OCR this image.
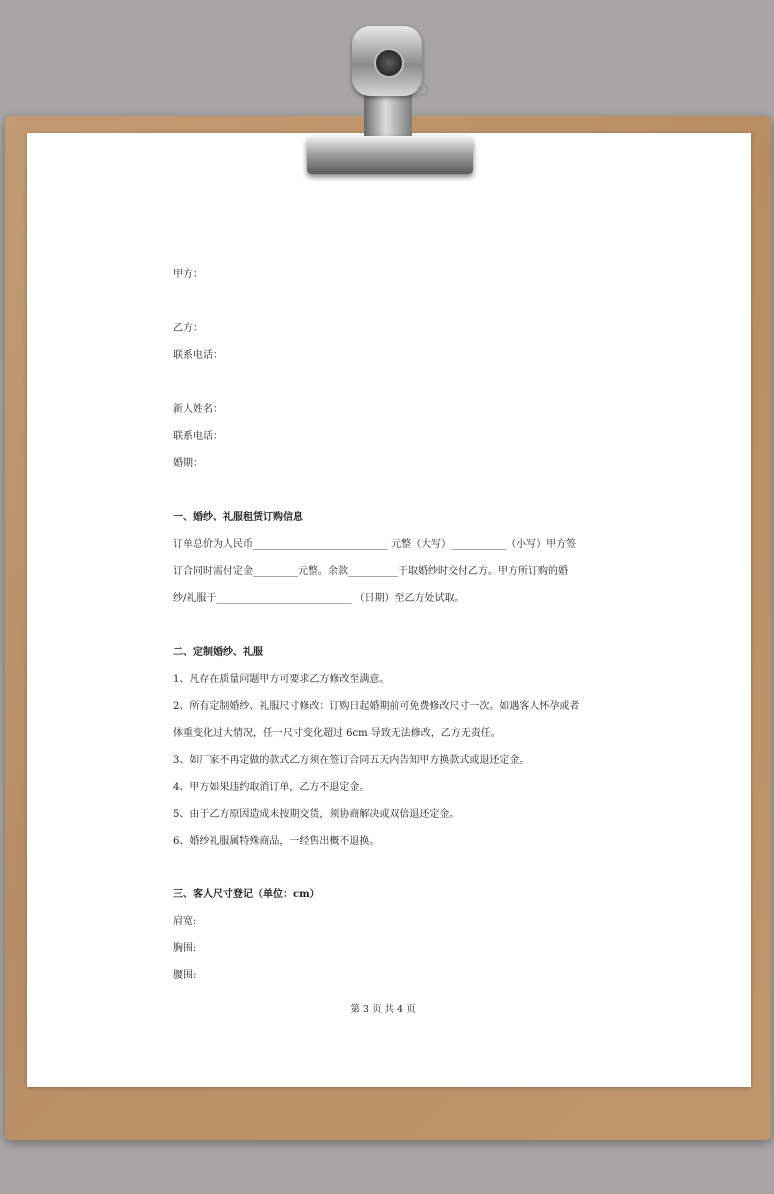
甲方：
乙方：
联系电话：
新人姓名：
联系电话：
婚期：
一、婚纱、礼服租赁订购信息
订单总价为人民币___________________________ 元整（大写）___________（小写）甲方签
订合同时需付定金_________元整。余款__________于取婚纱时交付乙方。甲方所订购的婚
纱/礼服于___________________________ （日期）至乙方处试取。
二、定制婚纱、礼服
1、凡存在质量问题甲方可要求乙方修改至满意。
2、所有定制婚纱、礼服尺寸修改：订购日起婚期前可免费修改尺寸一次。如遇客人怀孕或者
体重变化过大情况，任一尺寸变化超过 6cm 导致无法修改，乙方无责任。
3、如厂家不再定做的款式乙方须在签订合同五天内告知甲方换款式或退还定金。
4、甲方如果违约取消订单，乙方不退定金。
5、由于乙方原因造成未按期交货，须协商解决或双倍退还定金。
6、婚纱礼服属特殊商品，一经售出概不退换。
三、客人尺寸登记（单位：cm）
肩宽:
胸围:
腰围:
第 3 页 共 4 页
